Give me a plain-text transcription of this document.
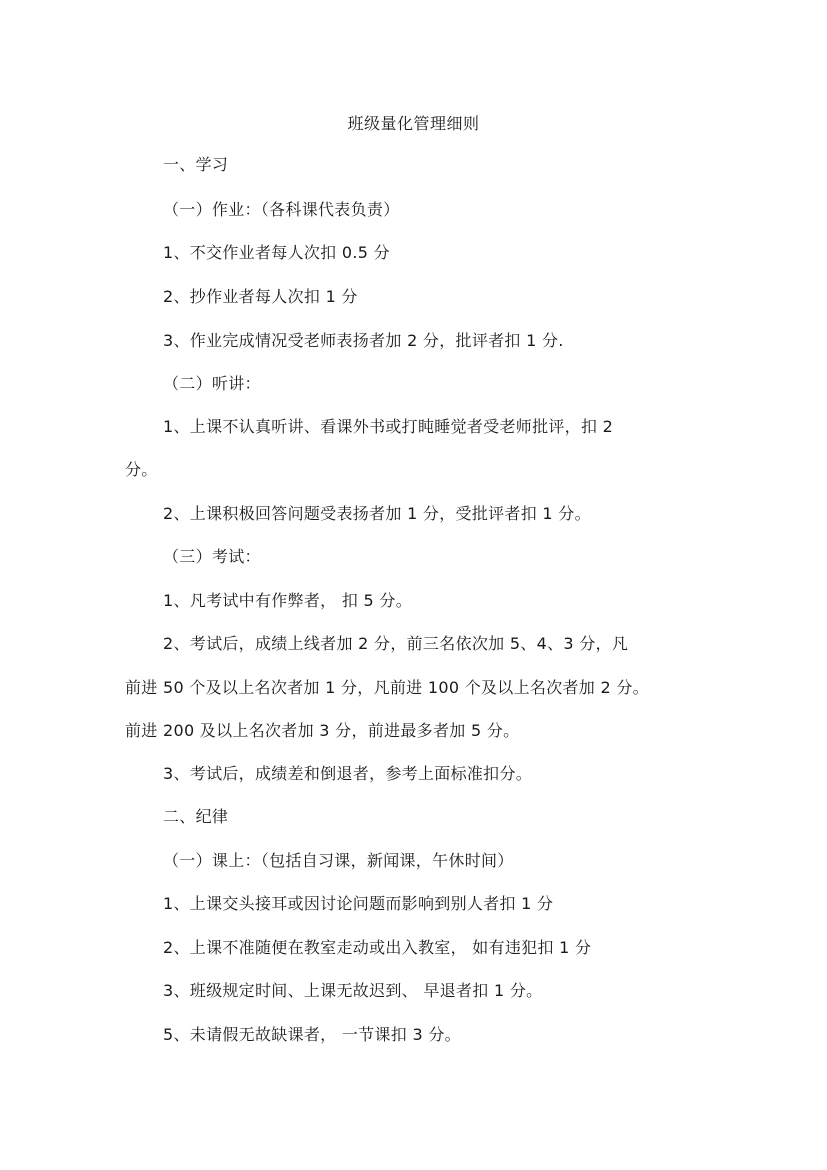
班级量化管理细则
一、学习
（一）作业：（各科课代表负责）
1、不交作业者每人次扣 0.5 分
2、抄作业者每人次扣 1 分
3、作业完成情况受老师表扬者加 2 分，批评者扣 1 分.
（二）听讲：
1、上课不认真听讲、看课外书或打盹睡觉者受老师批评，扣 2
分。
2、上课积极回答问题受表扬者加 1 分，受批评者扣 1 分。
（三）考试：
1、凡考试中有作弊者， 扣 5 分。
2、考试后，成绩上线者加 2 分，前三名依次加 5、4、3 分，凡
前进 50 个及以上名次者加 1 分，凡前进 100 个及以上名次者加 2 分。
前进 200 及以上名次者加 3 分，前进最多者加 5 分。
3、考试后，成绩差和倒退者，参考上面标准扣分。
二、纪律
（一）课上：（包括自习课，新闻课，午休时间）
1、上课交头接耳或因讨论问题而影响到别人者扣 1 分
2、上课不准随便在教室走动或出入教室， 如有违犯扣 1 分
3、班级规定时间、上课无故迟到、 早退者扣 1 分。
5、未请假无故缺课者， 一节课扣 3 分。
